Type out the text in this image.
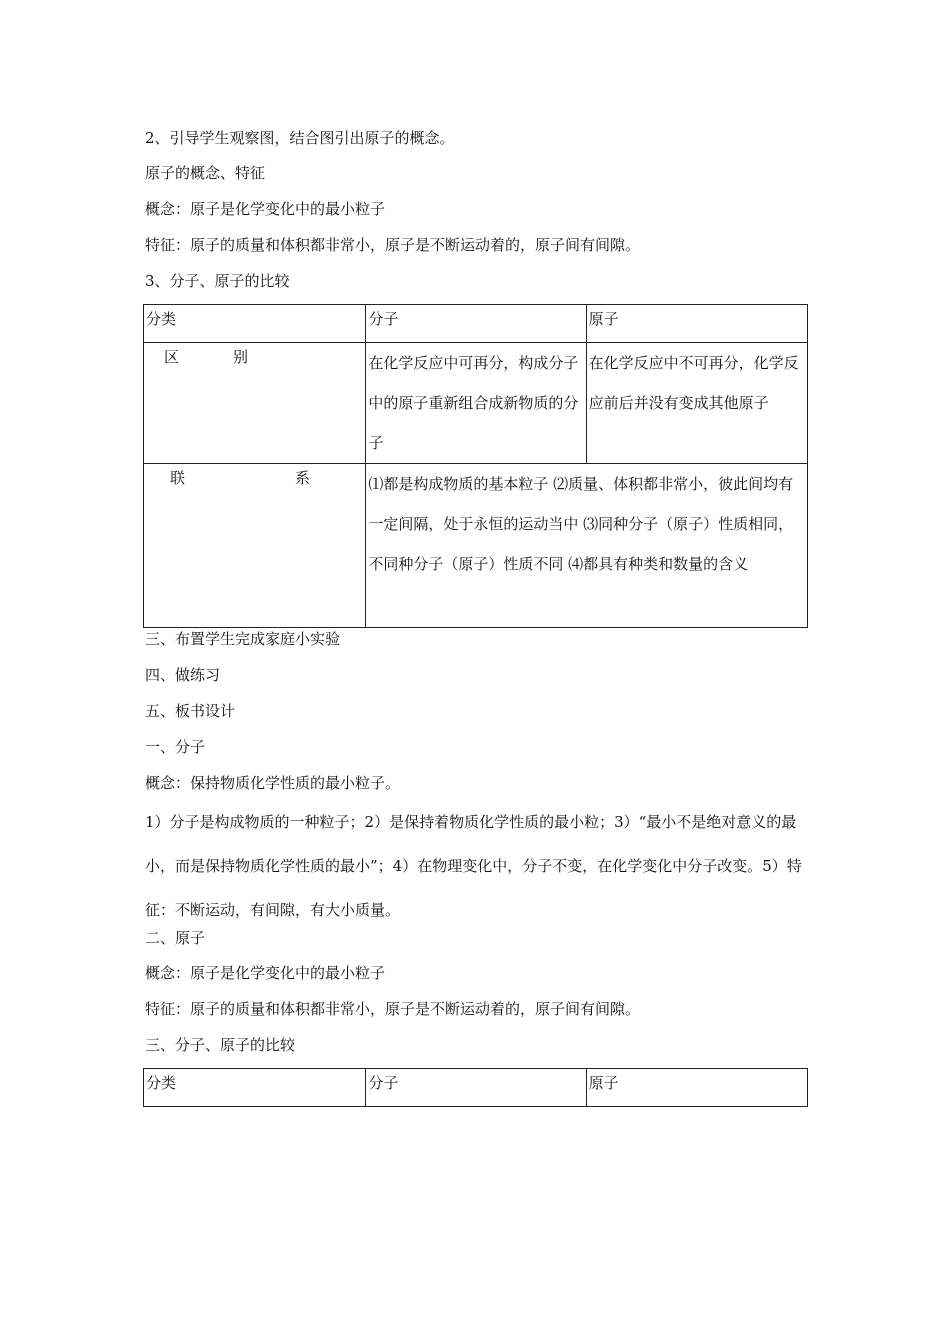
2、引导学生观察图，结合图引出原子的概念。
原子的概念、特征
概念：原子是化学变化中的最小粒子
特征：原子的质量和体积都非常小，原子是不断运动着的，原子间有间隙。
3、分子、原子的比较
分类	分子	原子

区 别	在化学反应中可再分，构成分子中的原子重新组合成新物质的分子	在化学反应中不可再分，化学反应前后并没有变成其他原子

联 系	⑴都是构成物质的基本粒子 ⑵质量、体积都非常小，彼此间均有一定间隔，处于永恒的运动当中 ⑶同种分子（原子）性质相同，不同种分子（原子）性质不同 ⑷都具有种类和数量的含义	
三、布置学生完成家庭小实验
四、做练习
五、板书设计
一、分子
概念：保持物质化学性质的最小粒子。
1）分子是构成物质的一种粒子；2）是保持着物质化学性质的最小粒；3）“最小不是绝对意义的最小，而是保持物质化学性质的最小”；4）在物理变化中，分子不变，在化学变化中分子改变。5）特征：不断运动，有间隙，有大小质量。
二、原子
概念：原子是化学变化中的最小粒子
特征：原子的质量和体积都非常小，原子是不断运动着的，原子间有间隙。
三、分子、原子的比较
分类	分子	原子
